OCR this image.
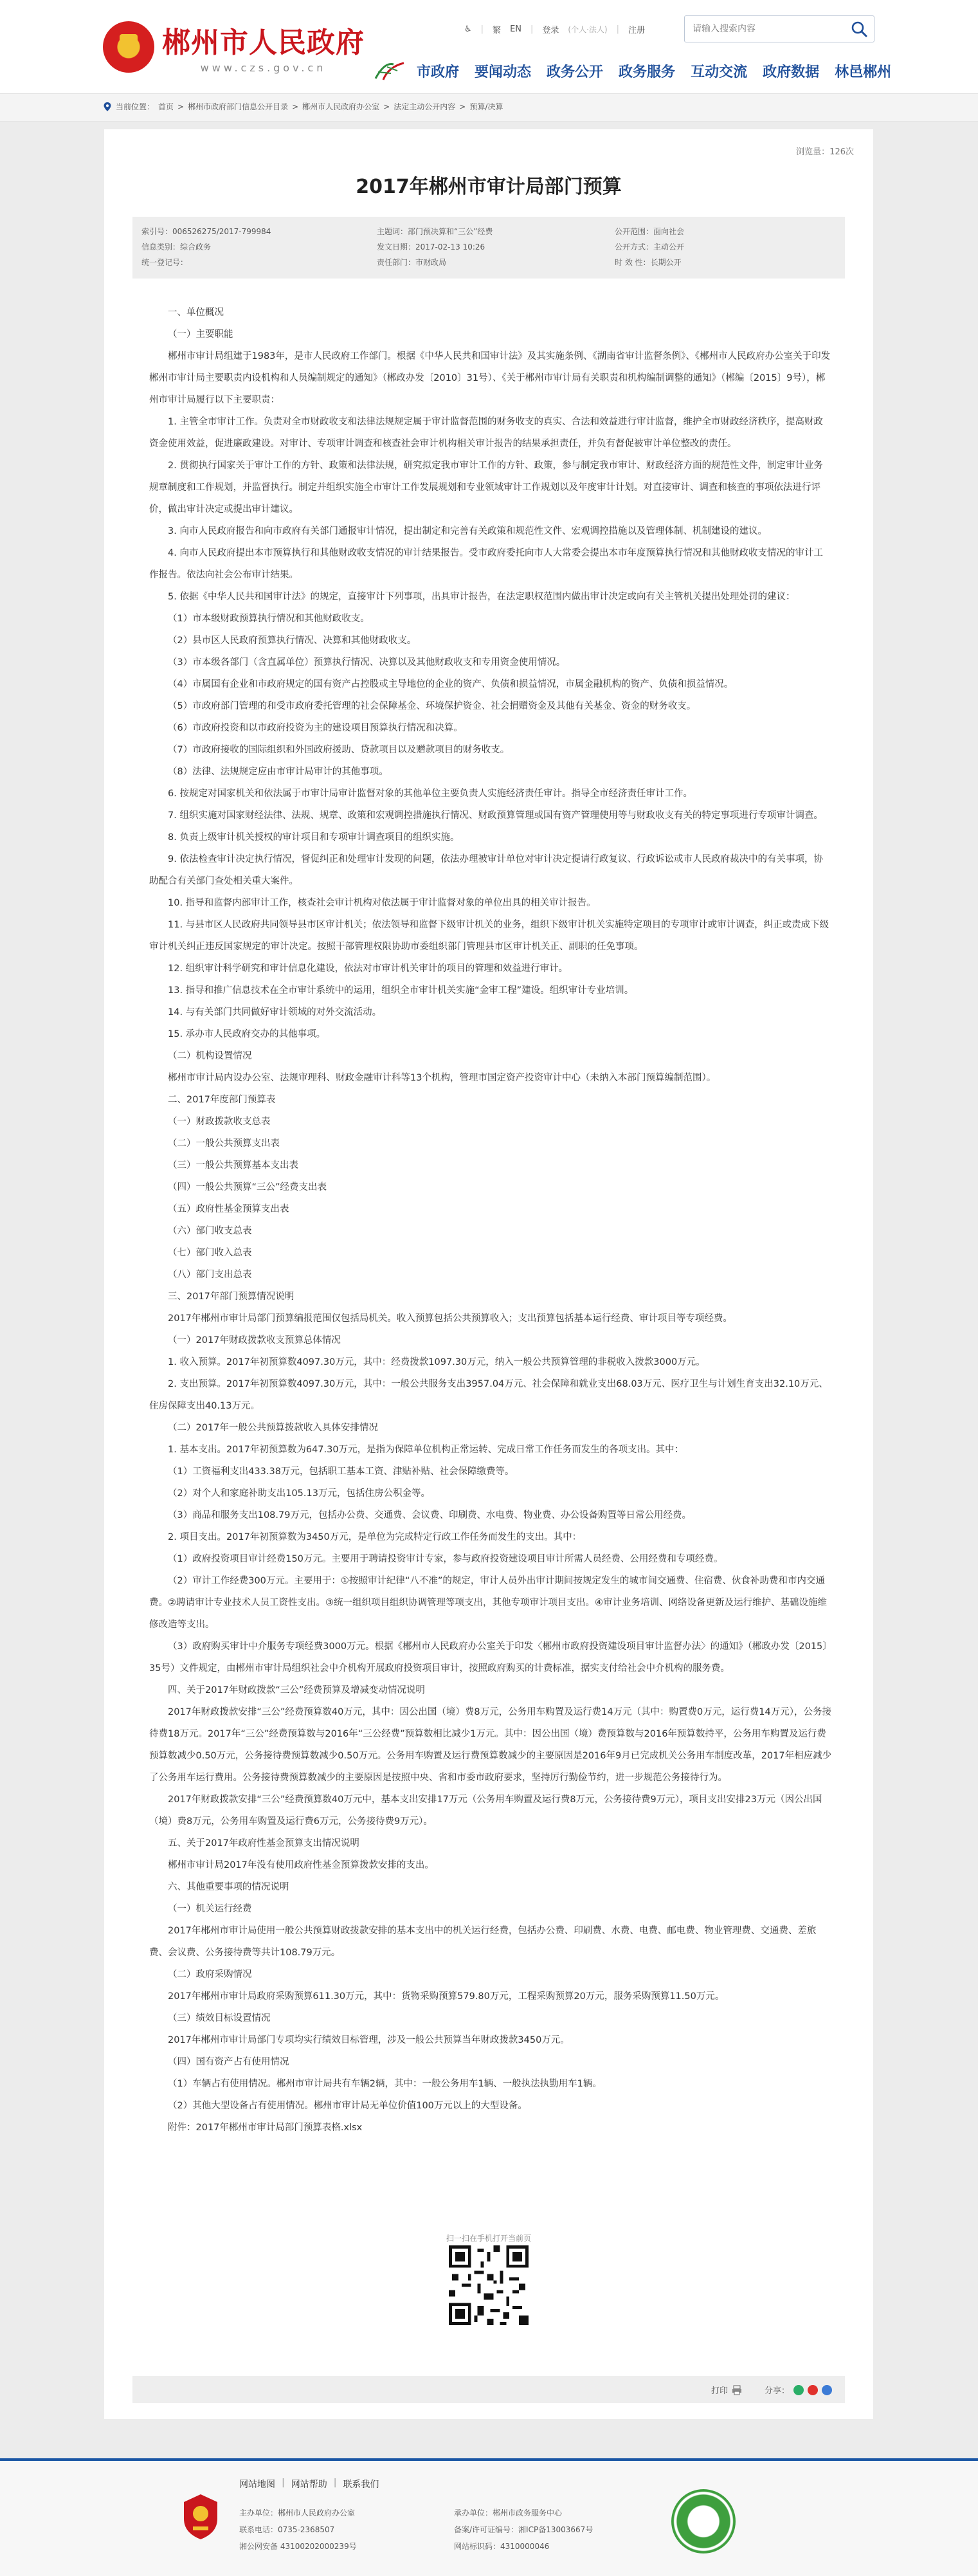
郴州市人民政府
www.czs.gov.cn
♿ | 繁 EN | 登录 (个人·法人) | 注册
请输入搜索内容
市政府 要闻动态 政务公开 政务服务 互动交流 政府数据 林邑郴州
当前位置： 首页 > 郴州市政府部门信息公开目录 > 郴州市人民政府办公室 > 法定主动公开内容 > 预算/决算
浏览量：126次
2017年郴州市审计局部门预算
索引号：006526275/2017-799984
信息类别：综合政务
统一登记号：
主题词：部门预决算和“三公”经费
发文日期：2017-02-13 10:26
责任部门：市财政局
公开范围：面向社会
公开方式：主动公开
时 效 性：长期公开

一、单位概况

（一）主要职能

郴州市审计局组建于1983年，是市人民政府工作部门。根据《中华人民共和国审计法》及其实施条例、《湖南省审计监督条例》、《郴州市人民政府办公室关于印发郴州市审计局主要职责内设机构和人员编制规定的通知》（郴政办发〔2010〕31号）、《关于郴州市审计局有关职责和机构编制调整的通知》（郴编〔2015〕9号），郴州市审计局履行以下主要职责：

1. 主管全市审计工作。负责对全市财政收支和法律法规规定属于审计监督范围的财务收支的真实、合法和效益进行审计监督，维护全市财政经济秩序，提高财政资金使用效益，促进廉政建设。对审计、专项审计调查和核查社会审计机构相关审计报告的结果承担责任，并负有督促被审计单位整改的责任。

2. 贯彻执行国家关于审计工作的方针、政策和法律法规，研究拟定我市审计工作的方针、政策，参与制定我市审计、财政经济方面的规范性文件，制定审计业务规章制度和工作规划，并监督执行。制定并组织实施全市审计工作发展规划和专业领域审计工作规划以及年度审计计划。对直接审计、调查和核查的事项依法进行评价，做出审计决定或提出审计建议。

3. 向市人民政府报告和向市政府有关部门通报审计情况，提出制定和完善有关政策和规范性文件、宏观调控措施以及管理体制、机制建设的建议。

4. 向市人民政府提出本市预算执行和其他财政收支情况的审计结果报告。受市政府委托向市人大常委会提出本市年度预算执行情况和其他财政收支情况的审计工作报告。依法向社会公布审计结果。

5. 依据《中华人民共和国审计法》的规定，直接审计下列事项，出具审计报告，在法定职权范围内做出审计决定或向有关主管机关提出处理处罚的建议：

（1）市本级财政预算执行情况和其他财政收支。

（2）县市区人民政府预算执行情况、决算和其他财政收支。

（3）市本级各部门（含直属单位）预算执行情况、决算以及其他财政收支和专用资金使用情况。

（4）市属国有企业和市政府规定的国有资产占控股或主导地位的企业的资产、负债和损益情况，市属金融机构的资产、负债和损益情况。

（5）市政府部门管理的和受市政府委托管理的社会保障基金、环境保护资金、社会捐赠资金及其他有关基金、资金的财务收支。

（6）市政府投资和以市政府投资为主的建设项目预算执行情况和决算。

（7）市政府接收的国际组织和外国政府援助、贷款项目以及赠款项目的财务收支。

（8）法律、法规规定应由市审计局审计的其他事项。

6. 按规定对国家机关和依法属于市审计局审计监督对象的其他单位主要负责人实施经济责任审计。指导全市经济责任审计工作。

7. 组织实施对国家财经法律、法规、规章、政策和宏观调控措施执行情况、财政预算管理或国有资产管理使用等与财政收支有关的特定事项进行专项审计调查。

8. 负责上级审计机关授权的审计项目和专项审计调查项目的组织实施。

9. 依法检查审计决定执行情况，督促纠正和处理审计发现的问题，依法办理被审计单位对审计决定提请行政复议、行政诉讼或市人民政府裁决中的有关事项，协助配合有关部门查处相关重大案件。

10. 指导和监督内部审计工作，核查社会审计机构对依法属于审计监督对象的单位出具的相关审计报告。

11. 与县市区人民政府共同领导县市区审计机关；依法领导和监督下级审计机关的业务，组织下级审计机关实施特定项目的专项审计或审计调查，纠正或责成下级审计机关纠正违反国家规定的审计决定。按照干部管理权限协助市委组织部门管理县市区审计机关正、副职的任免事项。

12. 组织审计科学研究和审计信息化建设，依法对市审计机关审计的项目的管理和效益进行审计。

13. 指导和推广信息技术在全市审计系统中的运用，组织全市审计机关实施“金审工程”建设。组织审计专业培训。

14. 与有关部门共同做好审计领域的对外交流活动。

15. 承办市人民政府交办的其他事项。

（二）机构设置情况

郴州市审计局内设办公室、法规审理科、财政金融审计科等13个机构，管理市国定资产投资审计中心（未纳入本部门预算编制范围）。

二、2017年度部门预算表

（一）财政拨款收支总表

（二）一般公共预算支出表

（三）一般公共预算基本支出表

（四）一般公共预算“三公”经费支出表

（五）政府性基金预算支出表

（六）部门收支总表

（七）部门收入总表

（八）部门支出总表

三、2017年部门预算情况说明

2017年郴州市审计局部门预算编报范围仅包括局机关。收入预算包括公共预算收入；支出预算包括基本运行经费、审计项目等专项经费。

（一）2017年财政拨款收支预算总体情况

1. 收入预算。2017年初预算数4097.30万元，其中：经费拨款1097.30万元，纳入一般公共预算管理的非税收入拨款3000万元。

2. 支出预算。2017年初预算数4097.30万元，其中：一般公共服务支出3957.04万元、社会保障和就业支出68.03万元、医疗卫生与计划生育支出32.10万元、住房保障支出40.13万元。

（二）2017年一般公共预算拨款收入具体安排情况

1. 基本支出。2017年初预算数为647.30万元，是指为保障单位机构正常运转、完成日常工作任务而发生的各项支出。其中：

（1）工资福利支出433.38万元，包括职工基本工资、津贴补贴、社会保障缴费等。

（2）对个人和家庭补助支出105.13万元，包括住房公积金等。

（3）商品和服务支出108.79万元，包括办公费、交通费、会议费、印刷费、水电费、物业费、办公设备购置等日常公用经费。

2. 项目支出。2017年初预算数为3450万元，是单位为完成特定行政工作任务而发生的支出。其中：

（1）政府投资项目审计经费150万元。主要用于聘请投资审计专家，参与政府投资建设项目审计所需人员经费、公用经费和专项经费。

（2）审计工作经费300万元。主要用于：①按照审计纪律“八不准”的规定，审计人员外出审计期间按规定发生的城市间交通费、住宿费、伙食补助费和市内交通费。②聘请审计专业技术人员工资性支出。③统一组织项目组织协调管理等项支出，其他专项审计项目支出。④审计业务培训、网络设备更新及运行维护、基础设施维修改造等支出。

（3）政府购买审计中介服务专项经费3000万元。根据《郴州市人民政府办公室关于印发〈郴州市政府投资建设项目审计监督办法〉的通知》（郴政办发〔2015〕35号）文件规定，由郴州市审计局组织社会中介机构开展政府投资项目审计，按照政府购买的计费标准，据实支付给社会中介机构的服务费。

四、关于2017年财政拨款“三公”经费预算及增减变动情况说明

2017年财政拨款安排“三公”经费预算数40万元，其中：因公出国（境）费8万元，公务用车购置及运行费14万元（其中：购置费0万元，运行费14万元），公务接待费18万元。2017年“三公”经费预算数与2016年“三公经费”预算数相比减少1万元。其中：因公出国（境）费预算数与2016年预算数持平，公务用车购置及运行费预算数减少0.50万元，公务接待费预算数减少0.50万元。公务用车购置及运行费预算数减少的主要原因是2016年9月已完成机关公务用车制度改革，2017年相应减少了公务用车运行费用。公务接待费预算数减少的主要原因是按照中央、省和市委市政府要求，坚持厉行勤俭节约，进一步规范公务接待行为。

2017年财政拨款安排“三公”经费预算数40万元中，基本支出安排17万元（公务用车购置及运行费8万元，公务接待费9万元），项目支出安排23万元（因公出国（境）费8万元，公务用车购置及运行费6万元，公务接待费9万元）。

五、关于2017年政府性基金预算支出情况说明

郴州市审计局2017年没有使用政府性基金预算拨款安排的支出。

六、其他重要事项的情况说明

（一）机关运行经费

2017年郴州市审计局使用一般公共预算财政拨款安排的基本支出中的机关运行经费，包括办公费、印刷费、水费、电费、邮电费、物业管理费、交通费、差旅费、会议费、公务接待费等共计108.79万元。

（二）政府采购情况

2017年郴州市审计局政府采购预算611.30万元，其中：货物采购预算579.80万元，工程采购预算20万元，服务采购预算11.50万元。

（三）绩效目标设置情况

2017年郴州市审计局部门专项均实行绩效目标管理，涉及一般公共预算当年财政拨款3450万元。

（四）国有资产占有使用情况

（1）车辆占有使用情况。郴州市审计局共有车辆2辆，其中：一般公务用车1辆、一般执法执勤用车1辆。

（2）其他大型设备占有使用情况。郴州市审计局无单位价值100万元以上的大型设备。

附件：2017年郴州市审计局部门预算表格.xlsx

扫一扫在手机打开当前页
打印	分享：
网站地图 | 网站帮助 | 联系我们
主办单位：郴州市人民政府办公室
联系电话：0735-2368507
湘公网安备 43100202000239号
承办单位：郴州市政务服务中心
备案/许可证编号：湘ICP备13003667号
网站标识码：4310000046
